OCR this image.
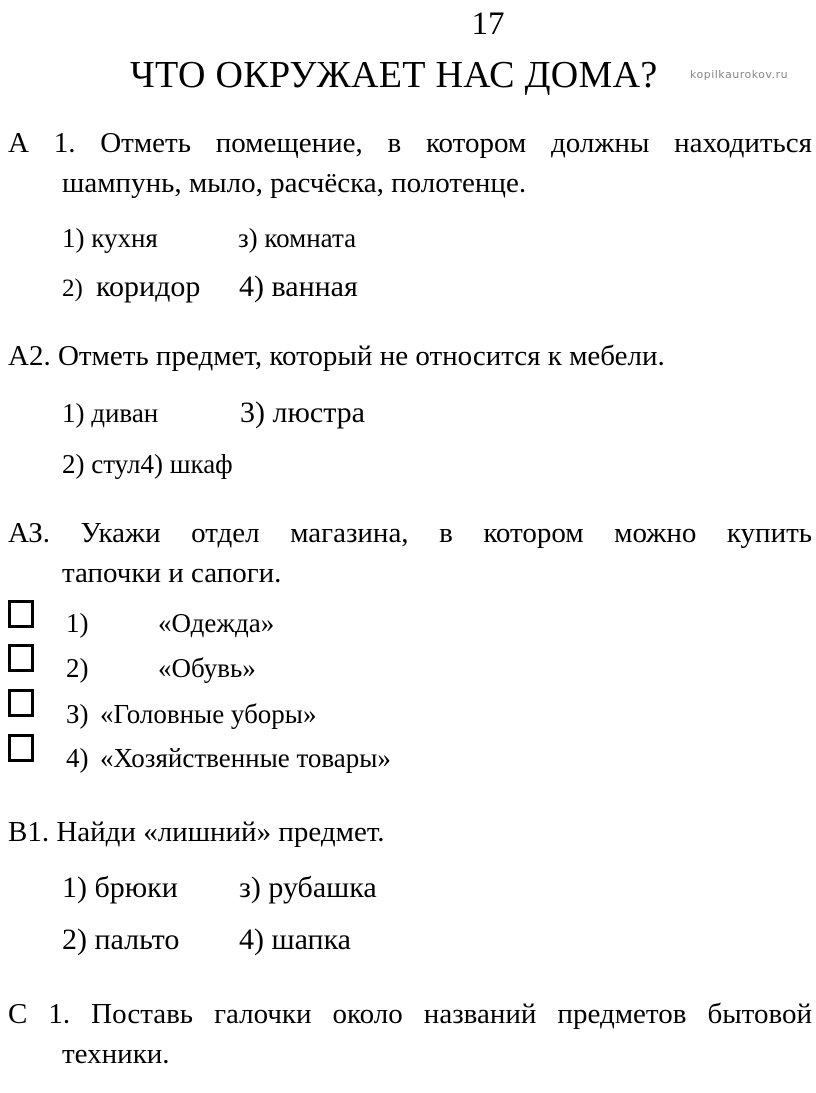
17
ЧТО ОКРУЖАЕТ НАС ДОМА?	kopilkaurokov.ru
А 1. Отметь помещение, в котором должны находиться
шампунь, мыло, расчёска, полотенце.
1) кухня	з) комната
2) коридор 4) ванная
А2. Отметь предмет, который не относится к мебели.
1) диван	3) люстра
2) стул4) шкаф
АЗ. Укажи отдел магазина, в котором можно купить
тапочки и сапоги.
1)	«Одежда»
2)	«Обувь»
З) «Головные уборы»
4) «Хозяйственные товары»
В1. Найди «лишний» предмет.
1) брюки з) рубашка
2) пальто 4) шапка
С 1. Поставь галочки около названий предметов бытовой
техники.
